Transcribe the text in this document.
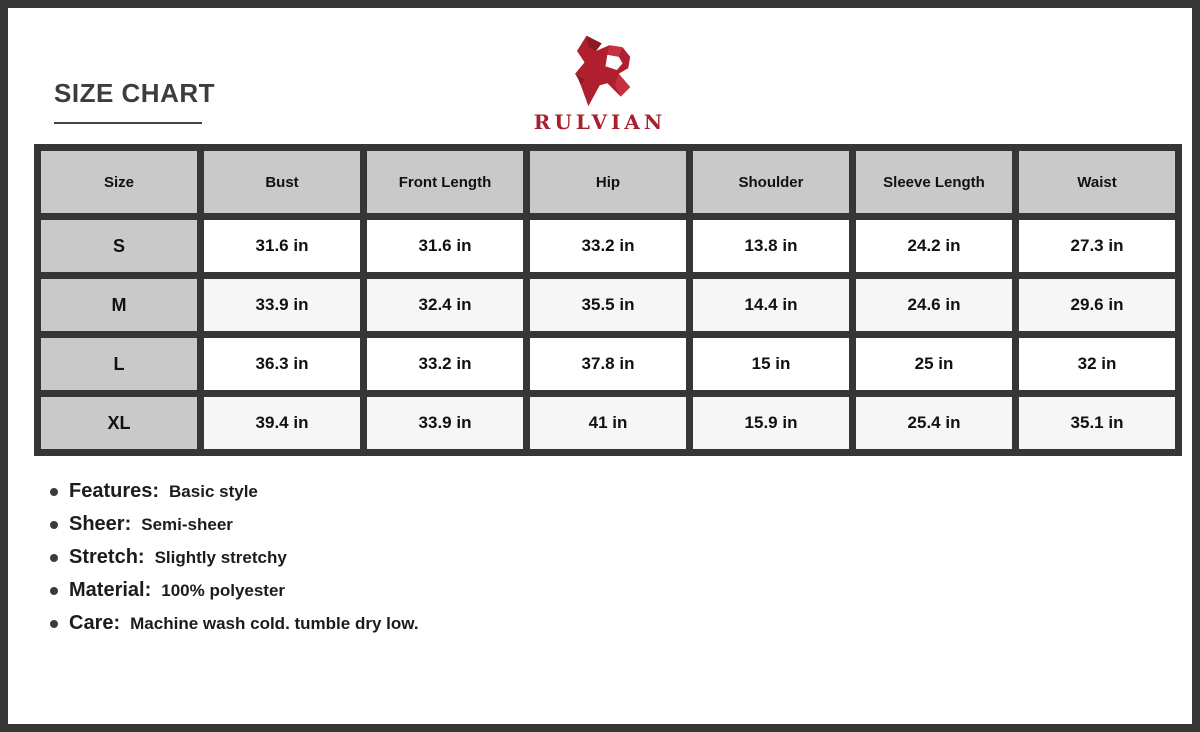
SIZE CHART
RULVIAN
Size	Bust	Front Length	Hip	Shoulder	Sleeve Length	Waist
S	31.6 in	31.6 in	33.2 in	13.8 in	24.2 in	27.3 in
M	33.9 in	32.4 in	35.5 in	14.4 in	24.6 in	29.6 in
L	36.3 in	33.2 in	37.8 in	15 in	25 in	32 in
XL	39.4 in	33.9 in	41 in	15.9 in	25.4 in	35.1 in
Features: Basic style
Sheer: Semi-sheer
Stretch: Slightly stretchy
Material: 100% polyester
Care: Machine wash cold. tumble dry low.
